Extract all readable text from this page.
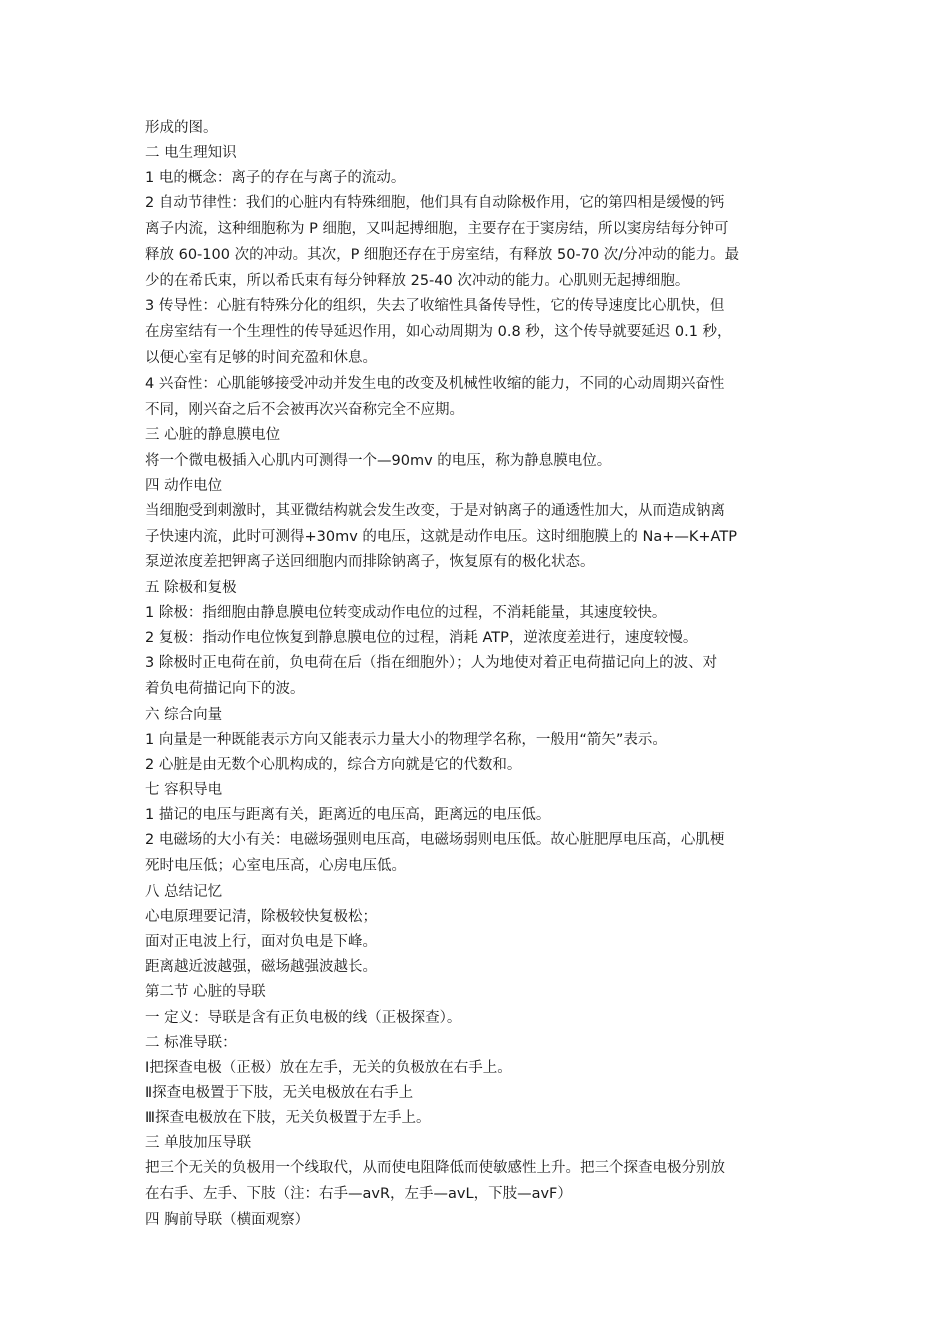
形成的图。
二 电生理知识
1 电的概念：离子的存在与离子的流动。
2 自动节律性：我们的心脏内有特殊细胞，他们具有自动除极作用，它的第四相是缓慢的钙
离子内流，这种细胞称为 P 细胞，又叫起搏细胞，主要存在于窦房结，所以窦房结每分钟可
释放 60-100 次的冲动。其次，P 细胞还存在于房室结，有释放 50-70 次/分冲动的能力。最
少的在希氏束，所以希氏束有每分钟释放 25-40 次冲动的能力。心肌则无起搏细胞。
3 传导性：心脏有特殊分化的组织，失去了收缩性具备传导性，它的传导速度比心肌快，但
在房室结有一个生理性的传导延迟作用，如心动周期为 0.8 秒，这个传导就要延迟 0.1 秒，
以便心室有足够的时间充盈和休息。
4 兴奋性：心肌能够接受冲动并发生电的改变及机械性收缩的能力，不同的心动周期兴奋性
不同，刚兴奋之后不会被再次兴奋称完全不应期。
三 心脏的静息膜电位
将一个微电极插入心肌内可测得一个—90mv 的电压，称为静息膜电位。
四 动作电位
当细胞受到刺激时，其亚微结构就会发生改变，于是对钠离子的通透性加大，从而造成钠离
子快速内流，此时可测得+30mv 的电压，这就是动作电压。这时细胞膜上的 Na+—K+ATP
泵逆浓度差把钾离子送回细胞内而排除钠离子，恢复原有的极化状态。
五 除极和复极
1 除极：指细胞由静息膜电位转变成动作电位的过程，不消耗能量，其速度较快。
2 复极：指动作电位恢复到静息膜电位的过程，消耗 ATP，逆浓度差进行，速度较慢。
3 除极时正电荷在前，负电荷在后（指在细胞外）；人为地使对着正电荷描记向上的波、对
着负电荷描记向下的波。
六 综合向量
1 向量是一种既能表示方向又能表示力量大小的物理学名称，一般用“箭矢”表示。
2 心脏是由无数个心肌构成的，综合方向就是它的代数和。
七 容积导电
1 描记的电压与距离有关，距离近的电压高，距离远的电压低。
2 电磁场的大小有关：电磁场强则电压高，电磁场弱则电压低。故心脏肥厚电压高，心肌梗
死时电压低；心室电压高，心房电压低。
八 总结记忆
心电原理要记清，除极较快复极松；
面对正电波上行，面对负电是下峰。
距离越近波越强，磁场越强波越长。
第二节 心脏的导联
一 定义：导联是含有正负电极的线（正极探查）。
二 标准导联：
Ⅰ把探查电极（正极）放在左手，无关的负极放在右手上。
Ⅱ探查电极置于下肢，无关电极放在右手上
Ⅲ探查电极放在下肢，无关负极置于左手上。
三 单肢加压导联
把三个无关的负极用一个线取代，从而使电阻降低而使敏感性上升。把三个探查电极分别放
在右手、左手、下肢（注：右手—avR，左手—avL，下肢—avF）
四 胸前导联（横面观察）
